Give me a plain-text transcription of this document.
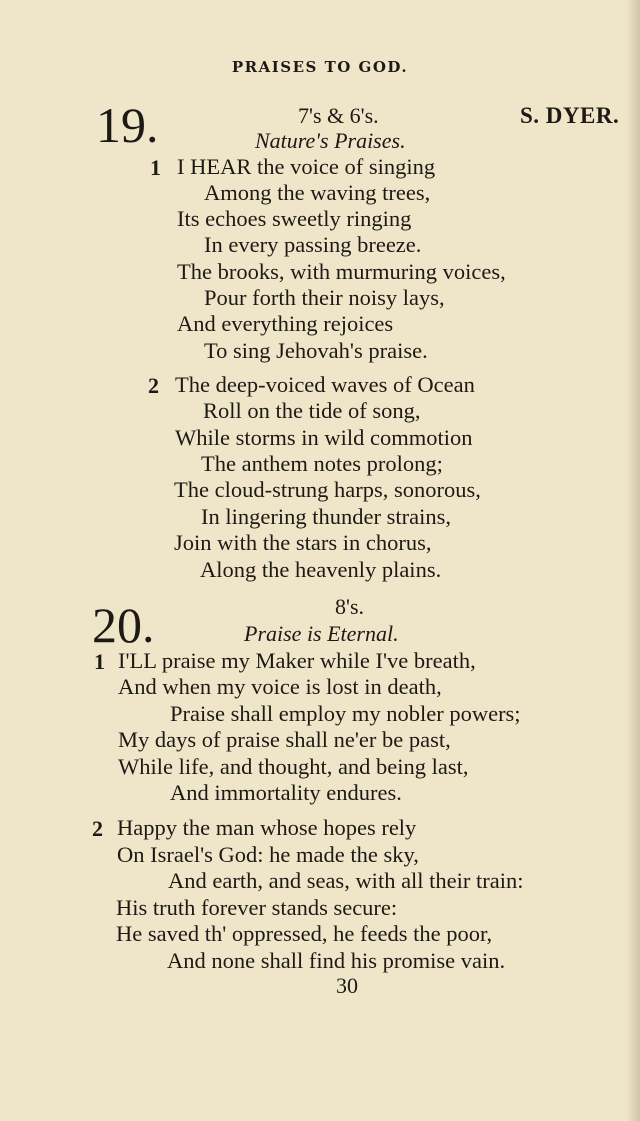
PRAISES TO GOD.
19.	7's & 6's.	S. DYER.
Nature's Praises.
1 I HEAR the voice of singing
Among the waving trees,
Its echoes sweetly ringing
In every passing breeze.
The brooks, with murmuring voices,
Pour forth their noisy lays,
And everything rejoices
To sing Jehovah's praise.
2 The deep-voiced waves of Ocean
Roll on the tide of song,
While storms in wild commotion
The anthem notes prolong;
The cloud-strung harps, sonorous,
In lingering thunder strains,
Join with the stars in chorus,
Along the heavenly plains.
20.	8's.
Praise is Eternal.
1 I'LL praise my Maker while I've breath,
And when my voice is lost in death,
Praise shall employ my nobler powers;
My days of praise shall ne'er be past,
While life, and thought, and being last,
And immortality endures.
2 Happy the man whose hopes rely
On Israel's God: he made the sky,
And earth, and seas, with all their train:
His truth forever stands secure:
He saved th' oppressed, he feeds the poor,
And none shall find his promise vain.
30
